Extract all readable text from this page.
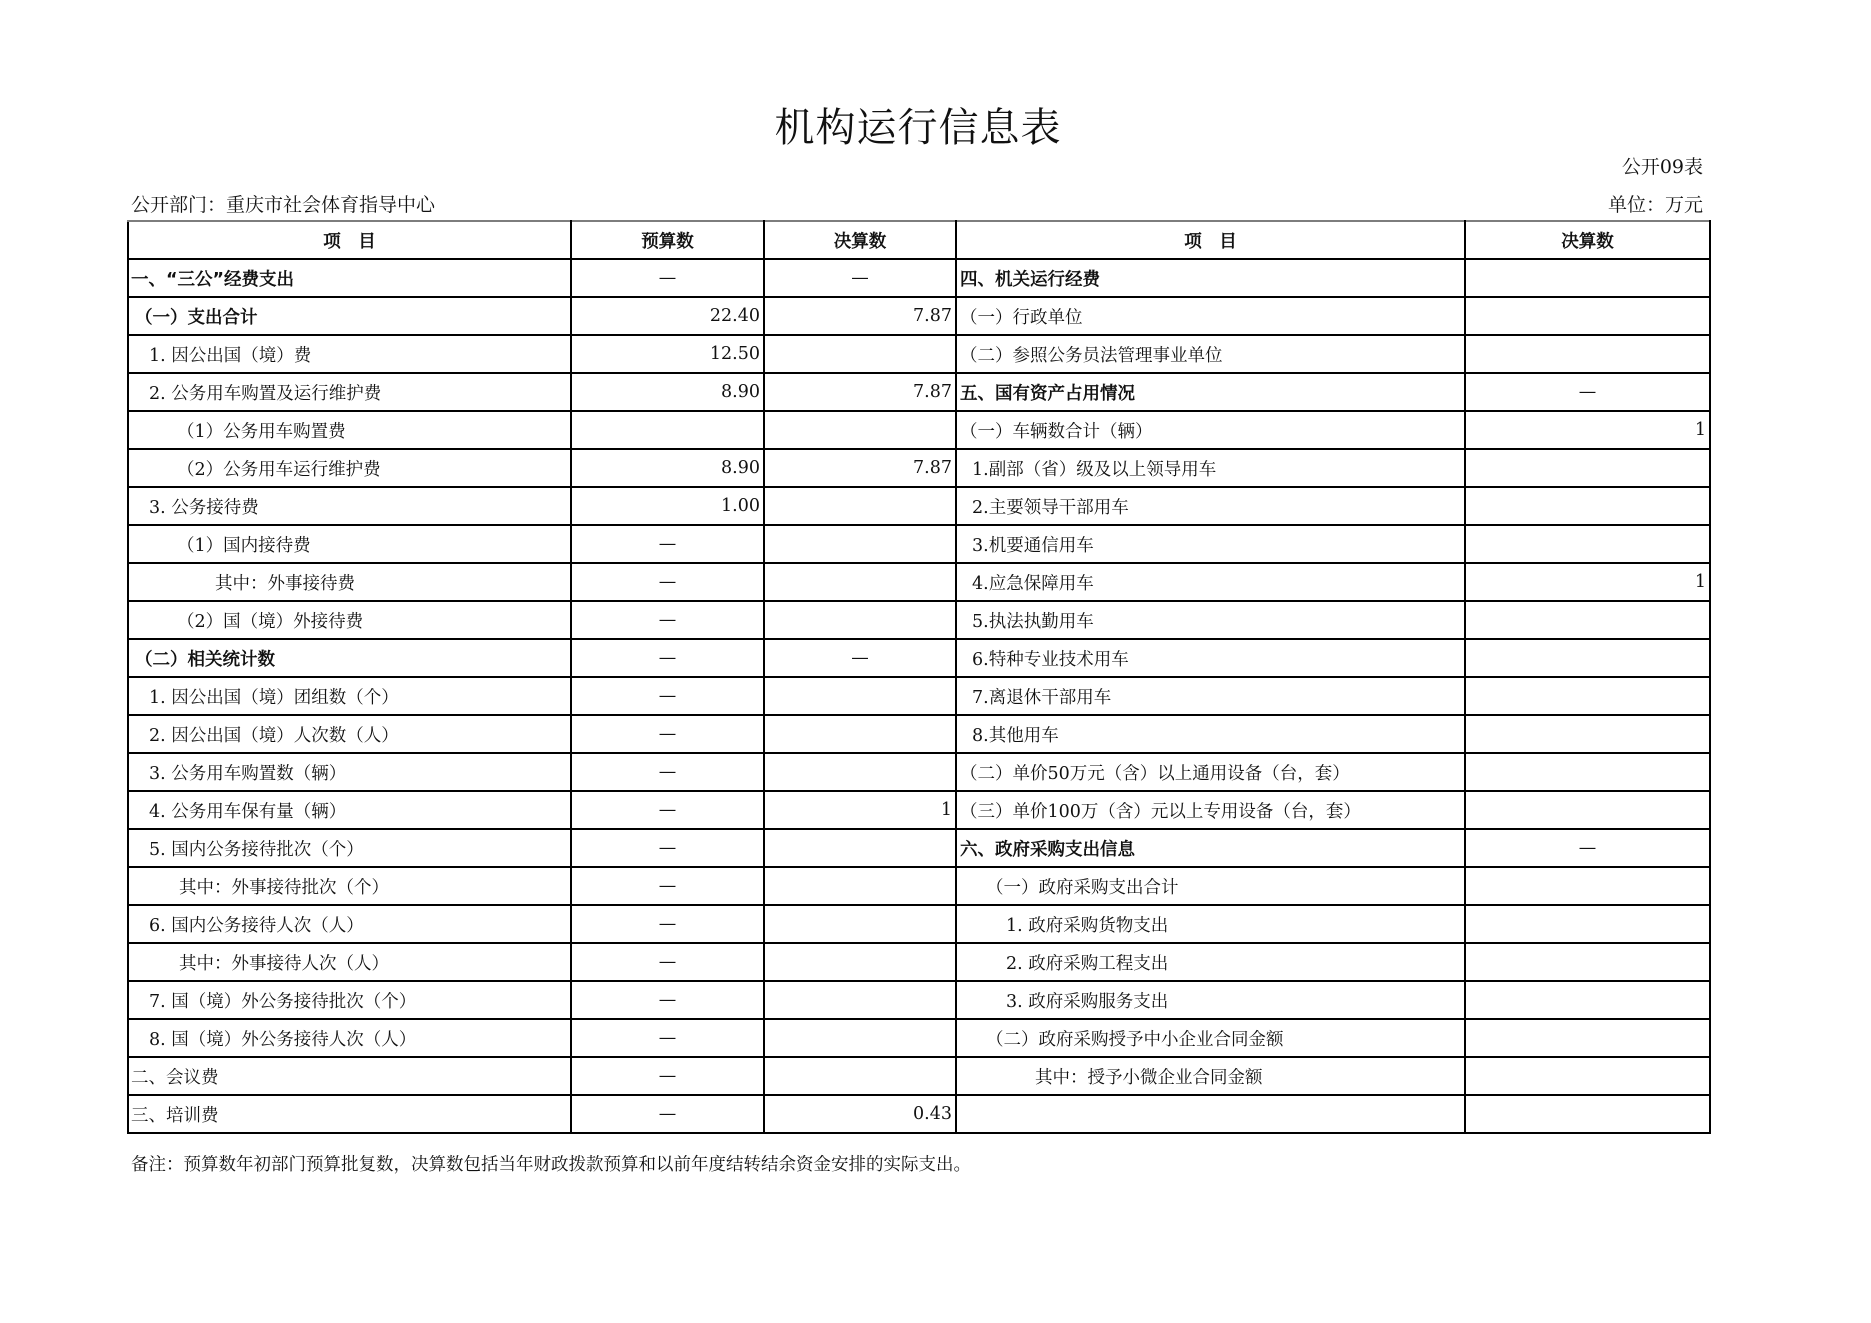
机构运行信息表
公开09表
公开部门：重庆市社会体育指导中心	单位：万元
项　目	预算数	决算数	项　目	决算数
一、“三公”经费支出	—	—	四、机关运行经费	
（一）支出合计	22.40	7.87	（一）行政单位	
1. 因公出国（境）费	12.50		（二）参照公务员法管理事业单位	
2. 公务用车购置及运行维护费	8.90	7.87	五、国有资产占用情况	—
（1）公务用车购置费			（一）车辆数合计（辆）	1
（2）公务用车运行维护费	8.90	7.87	1.副部（省）级及以上领导用车	
3. 公务接待费	1.00		2.主要领导干部用车	
（1）国内接待费	—		3.机要通信用车	
其中：外事接待费	—		4.应急保障用车	1
（2）国（境）外接待费	—		5.执法执勤用车	
（二）相关统计数	—	—	6.特种专业技术用车	
1. 因公出国（境）团组数（个）	—		7.离退休干部用车	
2. 因公出国（境）人次数（人）	—		8.其他用车	
3. 公务用车购置数（辆）	—		（二）单价50万元（含）以上通用设备（台，套）	
4. 公务用车保有量（辆）	—	1	（三）单价100万（含）元以上专用设备（台，套）	
5. 国内公务接待批次（个）	—		六、政府采购支出信息	—
其中：外事接待批次（个）	—		（一）政府采购支出合计	
6. 国内公务接待人次（人）	—		1. 政府采购货物支出	
其中：外事接待人次（人）	—		2. 政府采购工程支出	
7. 国（境）外公务接待批次（个）	—		3. 政府采购服务支出	
8. 国（境）外公务接待人次（人）	—		（二）政府采购授予中小企业合同金额	
二、会议费	—		其中：授予小微企业合同金额	
三、培训费	—	0.43		
备注：预算数年初部门预算批复数，决算数包括当年财政拨款预算和以前年度结转结余资金安排的实际支出。
